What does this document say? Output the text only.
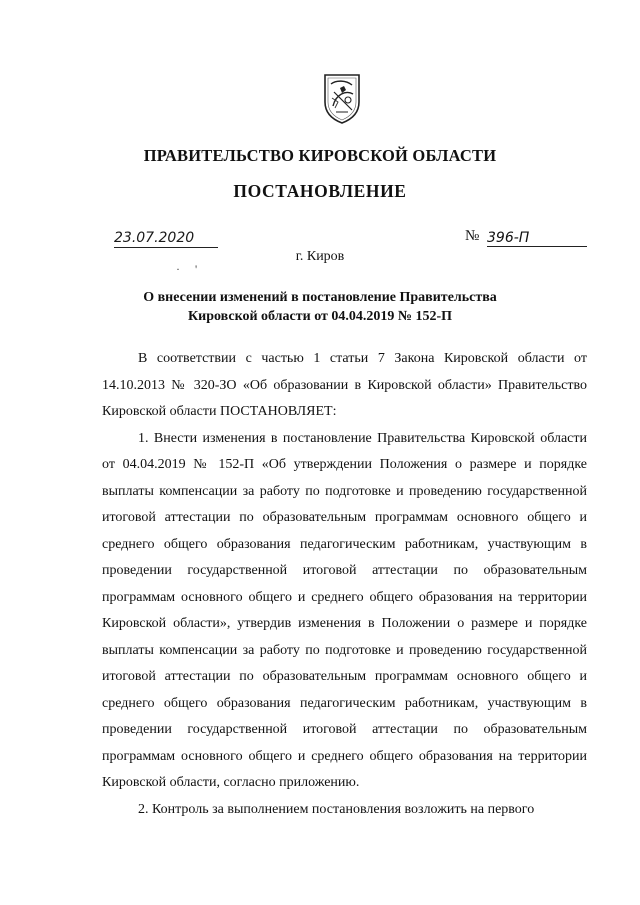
ПРАВИТЕЛЬСТВО КИРОВСКОЙ ОБЛАСТИ
ПОСТАНОВЛЕНИЕ
23.07.2020	№ 396-П
г. Киров
·     '
О внесении изменений в постановление Правительства
Кировской области от 04.04.2019 № 152-П

В соответствии с частью 1 статьи 7 Закона Кировской области от 14.10.2013 № 320-ЗО «Об образовании в Кировской области» Правительство Кировской области ПОСТАНОВЛЯЕТ:

1. Внести изменения в постановление Правительства Кировской области от 04.04.2019 № 152-П «Об утверждении Положения о размере и порядке выплаты компенсации за работу по подготовке и проведению государственной итоговой аттестации по образовательным программам основного общего и среднего общего образования педагогическим работникам, участвующим в проведении государственной итоговой аттестации по образовательным программам основного общего и среднего общего образования на территории Кировской области», утвердив изменения в Положении о размере и порядке выплаты компенсации за работу по подготовке и проведению государственной итоговой аттестации по образовательным программам основного общего и среднего общего образования педагогическим работникам, участвующим в проведении государственной итоговой аттестации по образовательным программам основного общего и среднего общего образования на территории Кировской области, согласно приложению.

2. Контроль за выполнением постановления возложить на первого
